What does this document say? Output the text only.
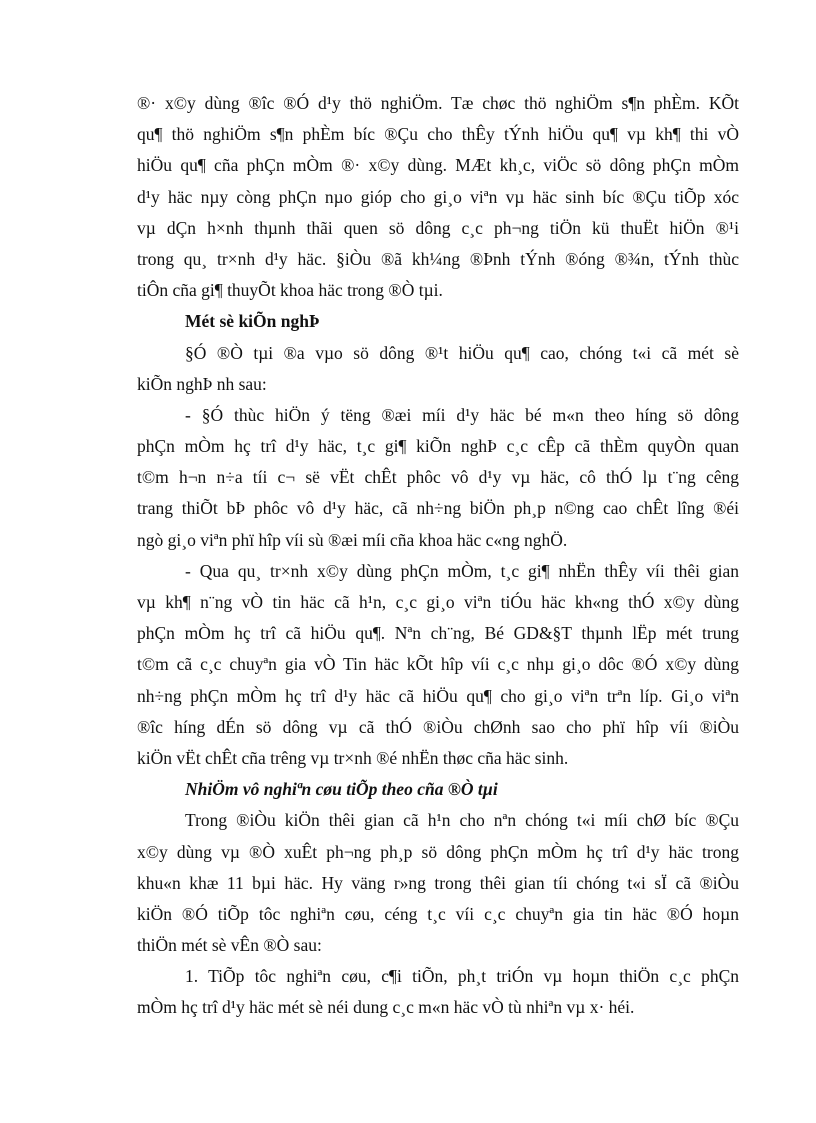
®· x©y dùng ®îc ®Ó d¹y thö nghiÖm. Tæ chøc thö nghiÖm s¶n phÈm. KÕt
qu¶ thö nghiÖm s¶n phÈm bíc ®Çu cho thÊy tÝnh hiÖu qu¶ vµ kh¶ thi vÒ
hiÖu qu¶ cña phÇn mÒm ®· x©y dùng. MÆt kh¸c, viÖc sö dông phÇn mÒm
d¹y häc nµy còng phÇn nµo gióp cho gi¸o viªn vµ häc sinh bíc ®Çu tiÕp xóc
vµ dÇn h×nh thµnh thãi quen sö dông c¸c ph¬ng tiÖn kü thuËt hiÖn ®¹i
trong qu¸ tr×nh d¹y häc. §iÒu ®ã kh¼ng ®Þnh tÝnh ®óng ®¾n, tÝnh thùc
tiÔn cña gi¶ thuyÕt khoa häc trong ®Ò tµi.
Mét sè kiÕn nghÞ
§Ó ®Ò tµi ®a vµo sö dông ®¹t hiÖu qu¶ cao, chóng t«i cã mét sè
kiÕn nghÞ nh sau:
- §Ó thùc hiÖn ý tëng ®æi míi d¹y häc bé m«n theo híng sö dông
phÇn mÒm hç trî d¹y häc, t¸c gi¶ kiÕn nghÞ c¸c cÊp cã thÈm quyÒn quan
t©m h¬n n÷a tíi c¬ së vËt chÊt phôc vô d¹y vµ häc, cô thÓ lµ t¨ng cêng
trang thiÕt bÞ phôc vô d¹y häc, cã nh÷ng biÖn ph¸p n©ng cao chÊt lîng ®éi
ngò gi¸o viªn phï hîp víi sù ®æi míi cña khoa häc c«ng nghÖ.
- Qua qu¸ tr×nh x©y dùng phÇn mÒm, t¸c gi¶ nhËn thÊy víi thêi gian
vµ kh¶ n¨ng vÒ tin häc cã h¹n, c¸c gi¸o viªn tiÓu häc kh«ng thÓ x©y dùng
phÇn mÒm hç trî cã hiÖu qu¶. Nªn ch¨ng, Bé GD&§T thµnh lËp mét trung
t©m cã c¸c chuyªn gia vÒ Tin häc kÕt hîp víi c¸c nhµ gi¸o dôc ®Ó x©y dùng
nh÷ng phÇn mÒm hç trî d¹y häc cã hiÖu qu¶ cho gi¸o viªn trªn líp. Gi¸o viªn
®îc híng dÉn sö dông vµ cã thÓ ®iÒu chØnh sao cho phï hîp víi ®iÒu
kiÖn vËt chÊt cña trêng vµ tr×nh ®é nhËn thøc cña häc sinh.
NhiÖm vô nghiªn cøu tiÕp theo cña ®Ò tµi
Trong ®iÒu kiÖn thêi gian cã h¹n cho nªn chóng t«i míi chØ bíc ®Çu
x©y dùng vµ ®Ò xuÊt ph¬ng ph¸p sö dông phÇn mÒm hç trî d¹y häc trong
khu«n khæ 11 bµi häc. Hy väng r»ng trong thêi gian tíi chóng t«i sÏ cã ®iÒu
kiÖn ®Ó tiÕp tôc nghiªn cøu, céng t¸c víi c¸c chuyªn gia tin häc ®Ó hoµn
thiÖn mét sè vÊn ®Ò sau:
1. TiÕp tôc nghiªn cøu, c¶i tiÕn, ph¸t triÓn vµ hoµn thiÖn c¸c phÇn
mÒm hç trî d¹y häc mét sè néi dung c¸c m«n häc vÒ tù nhiªn vµ x· héi.
